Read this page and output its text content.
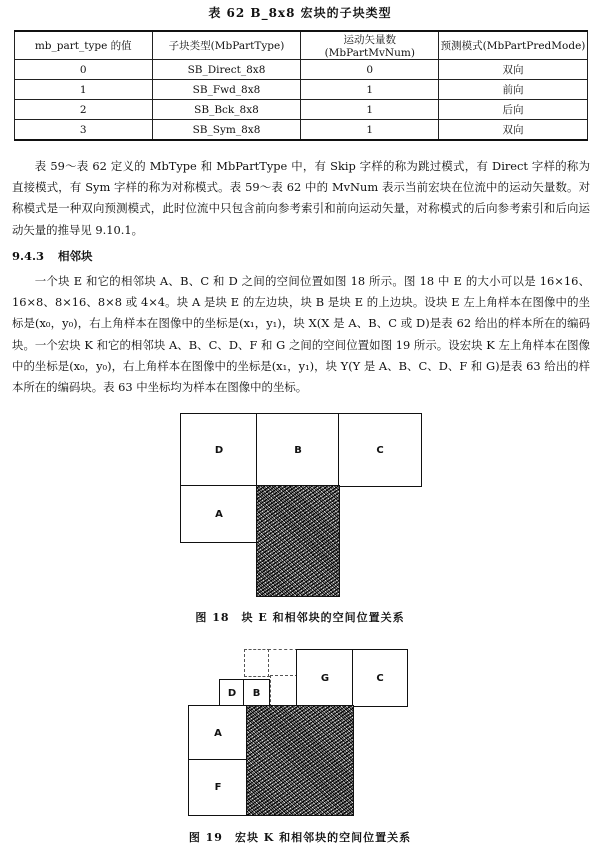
表 62 B_8x8 宏块的子块类型
mb_part_type 的值	子块类型(MbPartType)	运动矢量数(MbPartMvNum)	预测模式(MbPartPredMode)
0	SB_Direct_8x8	0	双向
1	SB_Fwd_8x8	1	前向
2	SB_Bck_8x8	1	后向
3	SB_Sym_8x8	1	双向

表 59～表 62 定义的 MbType 和 MbPartType 中，有 Skip 字样的称为跳过模式，有 Direct 字样的称为直接模式，有 Sym 字样的称为对称模式。表 59～表 62 中的 MvNum 表示当前宏块在位流中的运动矢量数。对称模式是一种双向预测模式，此时位流中只包含前向参考索引和前向运动矢量，对称模式的后向参考索引和后向运动矢量的推导见 9.10.1。

9.4.3 相邻块

一个块 E 和它的相邻块 A、B、C 和 D 之间的空间位置如图 18 所示。图 18 中 E 的大小可以是 16×16、16×8、8×16、8×8 或 4×4。块 A 是块 E 的左边块，块 B 是块 E 的上边块。设块 E 左上角样本在图像中的坐标是(x₀，y₀)，右上角样本在图像中的坐标是(x₁，y₁)，块 X(X 是 A、B、C 或 D)是表 62 给出的样本所在的编码块。一个宏块 K 和它的相邻块 A、B、C、D、F 和 G 之间的空间位置如图 19 所示。设宏块 K 左上角样本在图像中的坐标是(x₀，y₀)，右上角样本在图像中的坐标是(x₁，y₁)，块 Y(Y 是 A、B、C、D、F 和 G)是表 63 给出的样本所在的编码块。表 63 中坐标均为样本在图像中的坐标。

D	B	C
A
图 18 块 E 和相邻块的空间位置关系
G	C
D	B
A
F
图 19 宏块 K 和相邻块的空间位置关系
